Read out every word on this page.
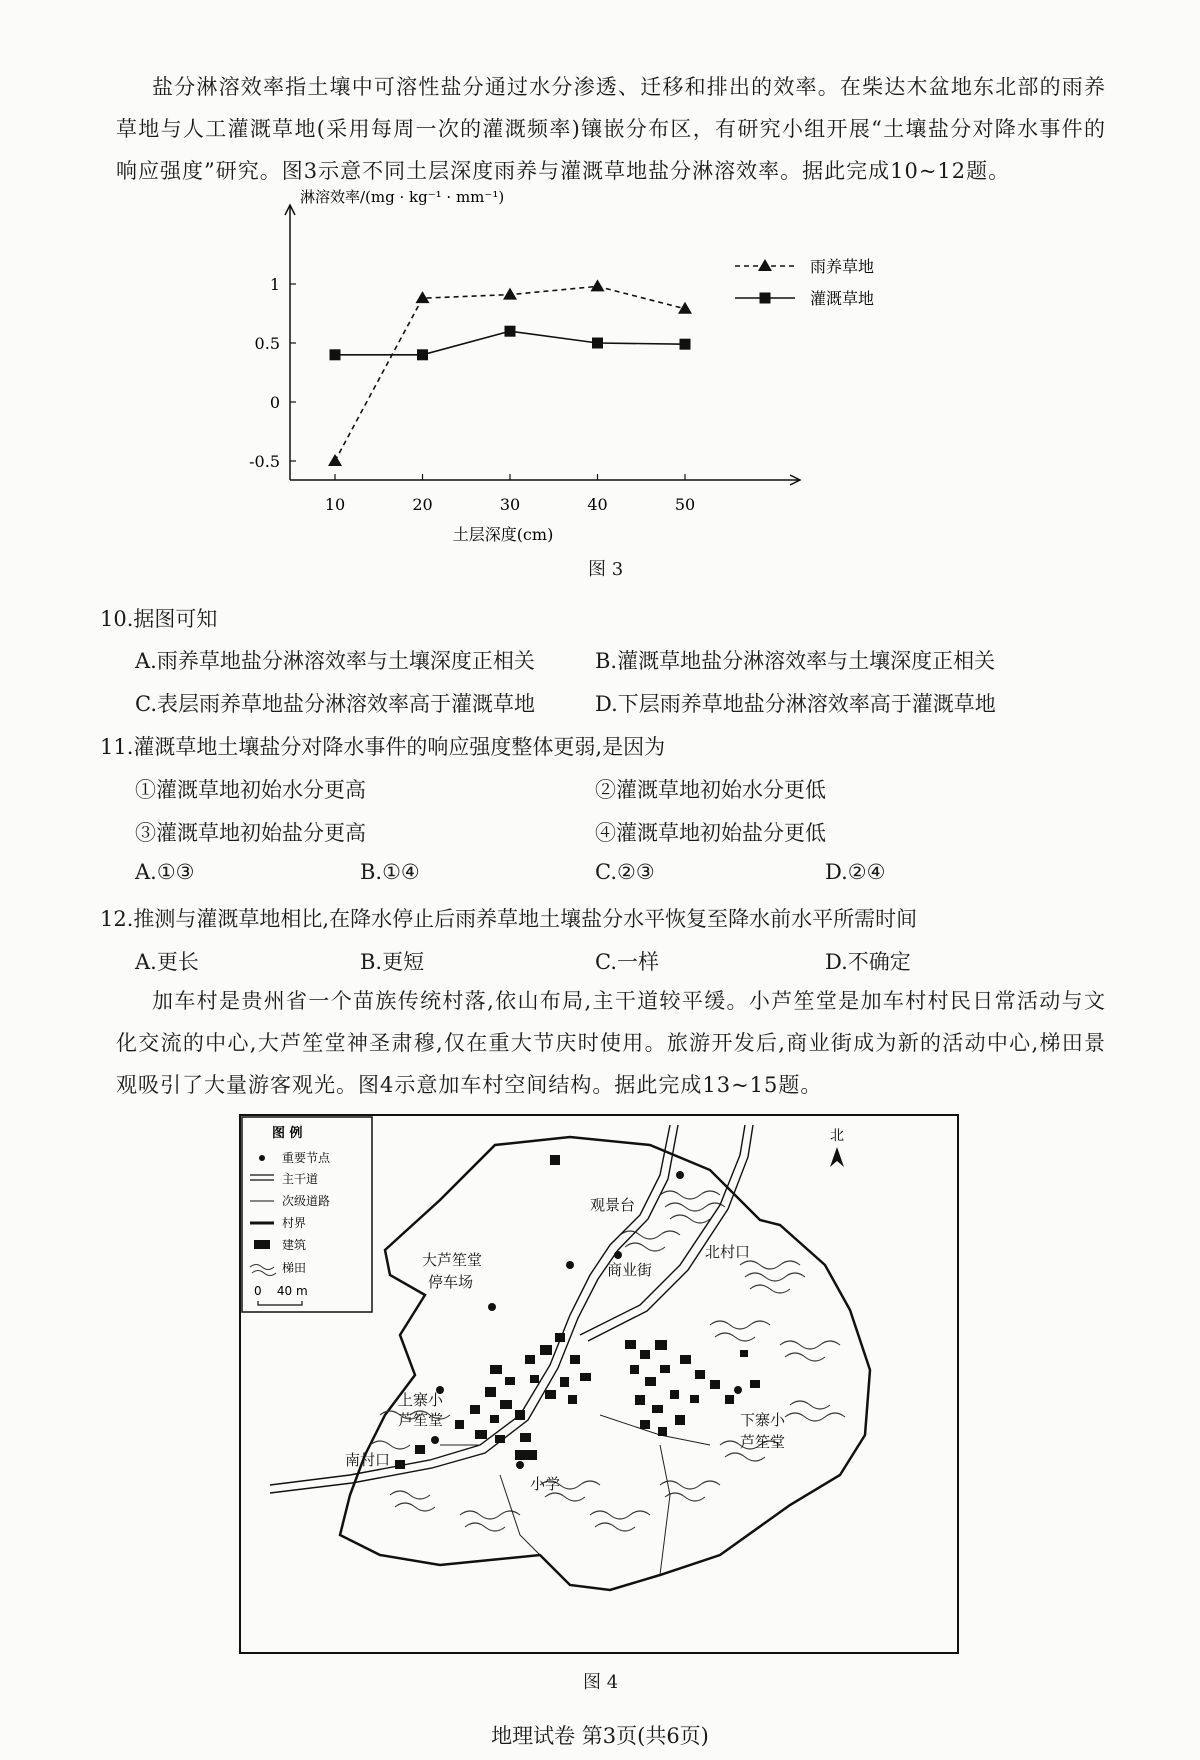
盐分淋溶效率指土壤中可溶性盐分通过水分渗透、迁移和排出的效率。在柴达木盆地东北部的雨养草地与人工灌溉草地(采用每周一次的灌溉频率)镶嵌分布区，有研究小组开展“土壤盐分对降水事件的响应强度”研究。图3示意不同土层深度雨养与灌溉草地盐分淋溶效率。据此完成10~12题。

-0.5
0
0.5
1
10	20	30	40	50
淋溶效率/(mg · kg⁻¹ · mm⁻¹)
土层深度(cm)
雨养草地
灌溉草地

图 3

10.据图可知

A.雨养草地盐分淋溶效率与土壤深度正相关	B.灌溉草地盐分淋溶效率与土壤深度正相关

C.表层雨养草地盐分淋溶效率高于灌溉草地	D.下层雨养草地盐分淋溶效率高于灌溉草地

11.灌溉草地土壤盐分对降水事件的响应强度整体更弱,是因为

①灌溉草地初始水分更高	②灌溉草地初始水分更低

③灌溉草地初始盐分更高	④灌溉草地初始盐分更低

A.①③	B.①④	C.②③	D.②④

12.推测与灌溉草地相比,在降水停止后雨养草地土壤盐分水平恢复至降水前水平所需时间

A.更长	B.更短	C.一样	D.不确定

加车村是贵州省一个苗族传统村落,依山布局,主干道较平缓。小芦笙堂是加车村村民日常活动与文化交流的中心,大芦笙堂神圣肃穆,仅在重大节庆时使用。旅游开发后,商业街成为新的活动中心,梯田景观吸引了大量游客观光。图4示意加车村空间结构。据此完成13~15题。

图 例
重要节点
主干道
次级道路
村界
建筑
梯田
0    40 m
北
观景台
北村口
商业街
大芦笙堂
停车场
上寨小
芦笙堂	下寨小
芦笙堂
南村口
小学

图 4

地理试卷 第3页(共6页)
